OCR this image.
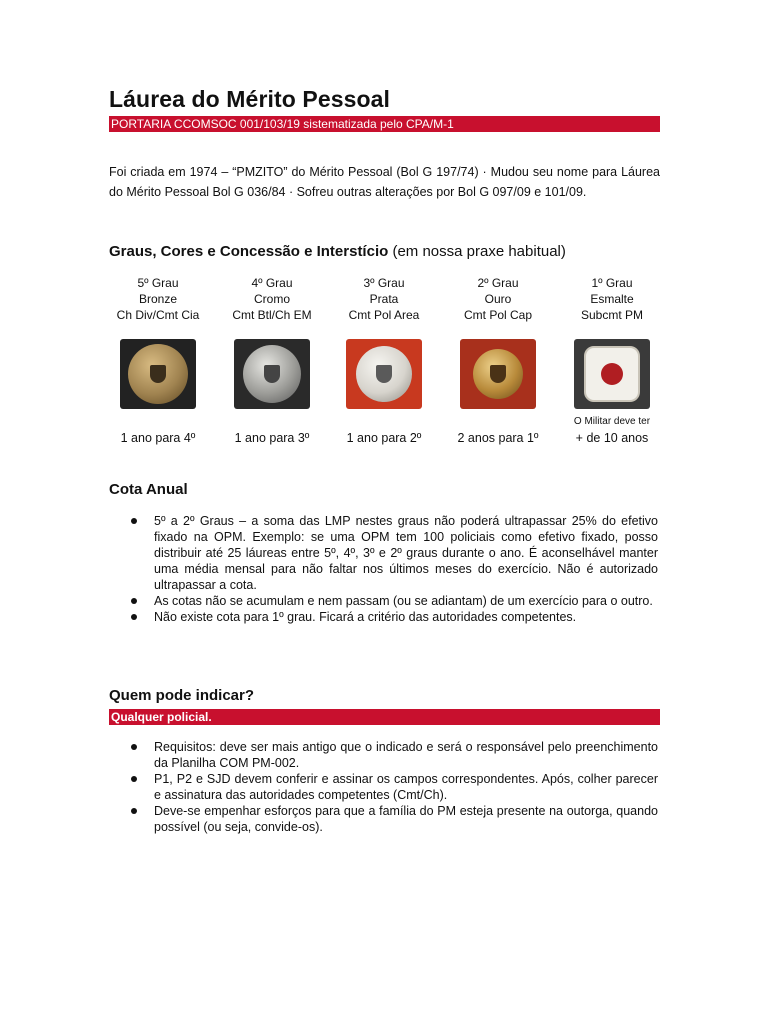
Láurea do Mérito Pessoal
PORTARIA CCOMSOC 001/103/19 sistematizada pelo CPA/M-1
Foi criada em 1974 – “PMZITO” do Mérito Pessoal (Bol G 197/74) · Mudou seu nome para Láurea do Mérito Pessoal Bol G 036/84 · Sofreu outras alterações por Bol G 097/09 e 101/09.
Graus, Cores e Concessão e Interstício (em nossa praxe habitual)
5º Grau
Bronze
Ch Div/Cmt Cia
1 ano para 4º
4º Grau
Cromo
Cmt Btl/Ch EM
1 ano para 3º
3º Grau
Prata
Cmt Pol Area
1 ano para 2º
2º Grau
Ouro
Cmt Pol Cap
2 anos para 1º
1º Grau
Esmalte
Subcmt PM
O Militar deve ter
+ de 10 anos
Cota Anual
5º a 2º Graus – a soma das LMP nestes graus não poderá ultrapassar 25% do efetivo fixado na OPM. Exemplo: se uma OPM tem 100 policiais como efetivo fixado, posso distribuir até 25 láureas entre 5º, 4º, 3º e 2º graus durante o ano. É aconselhável manter uma média mensal para não faltar nos últimos meses do exercício. Não é autorizado ultrapassar a cota.
As cotas não se acumulam e nem passam (ou se adiantam) de um exercício para o outro.
Não existe cota para 1º grau. Ficará a critério das autoridades competentes.
Quem pode indicar?
Qualquer policial.
Requisitos: deve ser mais antigo que o indicado e será o responsável pelo preenchimento da Planilha COM PM-002.
P1, P2 e SJD devem conferir e assinar os campos correspondentes. Após, colher parecer e assinatura das autoridades competentes (Cmt/Ch).
Deve-se empenhar esforços para que a família do PM esteja presente na outorga, quando possível (ou seja, convide-os).
